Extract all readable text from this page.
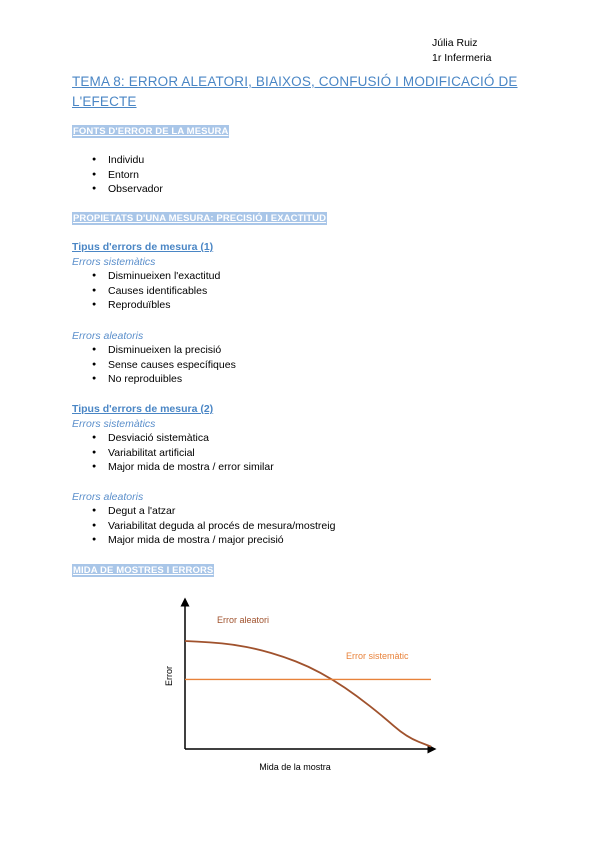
Júlia Ruiz
1r Infermeria
TEMA 8: ERROR ALEATORI, BIAIXOS, CONFUSIÓ I MODIFICACIÓ DE L'EFECTE
FONTS D'ERROR DE LA MESURA
● Individu
● Entorn
● Observador
PROPIETATS D'UNA MESURA: PRECISIÓ I EXACTITUD
Tipus d'errors de mesura (1)

Errors sistemàtics

● Disminueixen l'exactitud
● Causes identificables
● Reproduïbles

Errors aleatoris

● Disminueixen la precisió
● Sense causes específiques
● No reproduibles
Tipus d'errors de mesura (2)

Errors sistemàtics

● Desviació sistemàtica
● Variabilitat artificial
● Major mida de mostra / error similar

Errors aleatoris

● Degut a l'atzar
● Variabilitat deguda al procés de mesura/mostreig
● Major mida de mostra / major precisió
MIDA DE MOSTRES I ERRORS
Error aleatori
Error sistemàtic
Error
Mida de la mostra
